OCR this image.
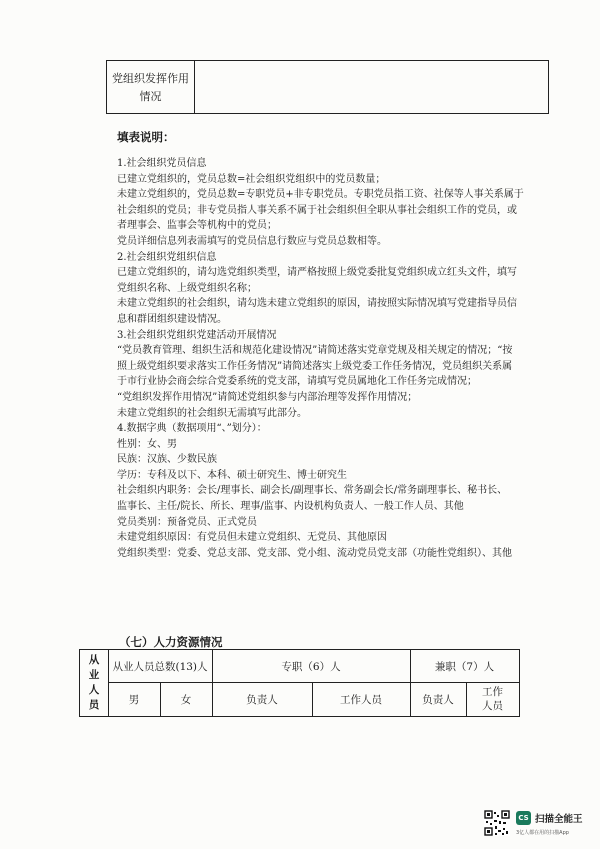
党组织发挥作用
情况
填表说明：
1.社会组织党员信息
已建立党组织的，党员总数=社会组织党组织中的党员数量；
未建立党组织的，党员总数=专职党员+非专职党员。专职党员指工资、社保等人事关系属于
社会组织的党员；非专党员指人事关系不属于社会组织但全职从事社会组织工作的党员，或
者理事会、监事会等机构中的党员；
党员详细信息列表需填写的党员信息行数应与党员总数相等。
2.社会组织党组织信息
已建立党组织的，请勾选党组织类型，请严格按照上级党委批复党组织成立红头文件，填写
党组织名称、上级党组织名称；
未建立党组织的社会组织，请勾选未建立党组织的原因，请按照实际情况填写党建指导员信
息和群团组织建设情况。
3.社会组织党组织党建活动开展情况
“党员教育管理、组织生活和规范化建设情况”请简述落实党章党规及相关规定的情况；“按
照上级党组织要求落实工作任务情况”请简述落实上级党委工作任务情况，党员组织关系属
于市行业协会商会综合党委系统的党支部，请填写党员属地化工作任务完成情况；
“党组织发挥作用情况”请简述党组织参与内部治理等发挥作用情况；
未建立党组织的社会组织无需填写此部分。
4.数据字典（数据项用“、”划分）：
性别：女、男
民族：汉族、少数民族
学历：专科及以下、本科、硕士研究生、博士研究生
社会组织内职务：会长/理事长、副会长/副理事长、常务副会长/常务副理事长、秘书长、
监事长、主任/院长、所长、理事/监事、内设机构负责人、一般工作人员、其他
党员类别：预备党员、正式党员
未建党组织原因：有党员但未建立党组织、无党员、其他原因
党组织类型：党委、党总支部、党支部、党小组、流动党员党支部（功能性党组织）、其他
（七）人力资源情况
从
业
人
员
从业人员总数(13)人	专职（6）人	兼职（7）人
男	女	负责人	工作人员	负责人
工作
人员
CS 扫描全能王
3亿人都在用的扫描App
